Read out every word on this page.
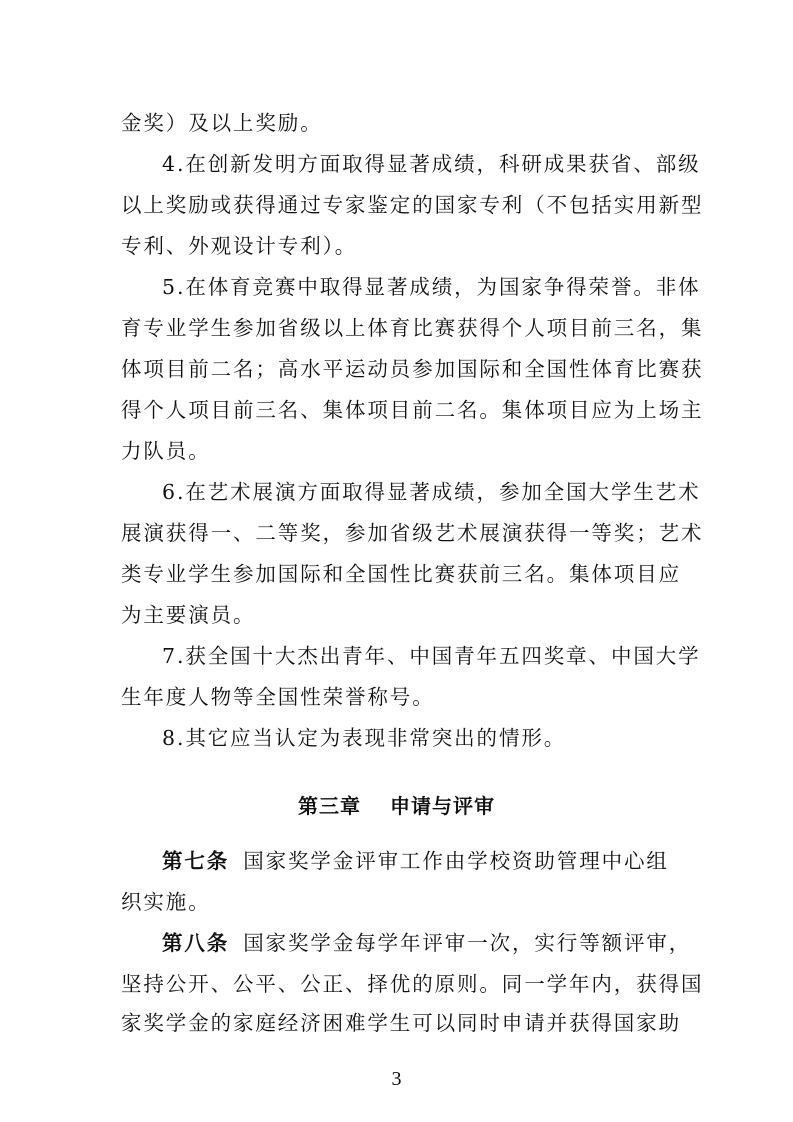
金奖）及以上奖励。
4.在创新发明方面取得显著成绩，科研成果获省、部级
以上奖励或获得通过专家鉴定的国家专利（不包括实用新型
专利、外观设计专利）。
5.在体育竞赛中取得显著成绩，为国家争得荣誉。非体
育专业学生参加省级以上体育比赛获得个人项目前三名，集
体项目前二名；高水平运动员参加国际和全国性体育比赛获
得个人项目前三名、集体项目前二名。集体项目应为上场主
力队员。
6.在艺术展演方面取得显著成绩，参加全国大学生艺术
展演获得一、二等奖，参加省级艺术展演获得一等奖；艺术
类专业学生参加国际和全国性比赛获前三名。集体项目应
为主要演员。
7.获全国十大杰出青年、中国青年五四奖章、中国大学
生年度人物等全国性荣誉称号。
8.其它应当认定为表现非常突出的情形。
第三章　 申请与评审
第七条 国家奖学金评审工作由学校资助管理中心组
织实施。
第八条 国家奖学金每学年评审一次，实行等额评审，
坚持公开、公平、公正、择优的原则。同一学年内，获得国
家奖学金的家庭经济困难学生可以同时申请并获得国家助
3
